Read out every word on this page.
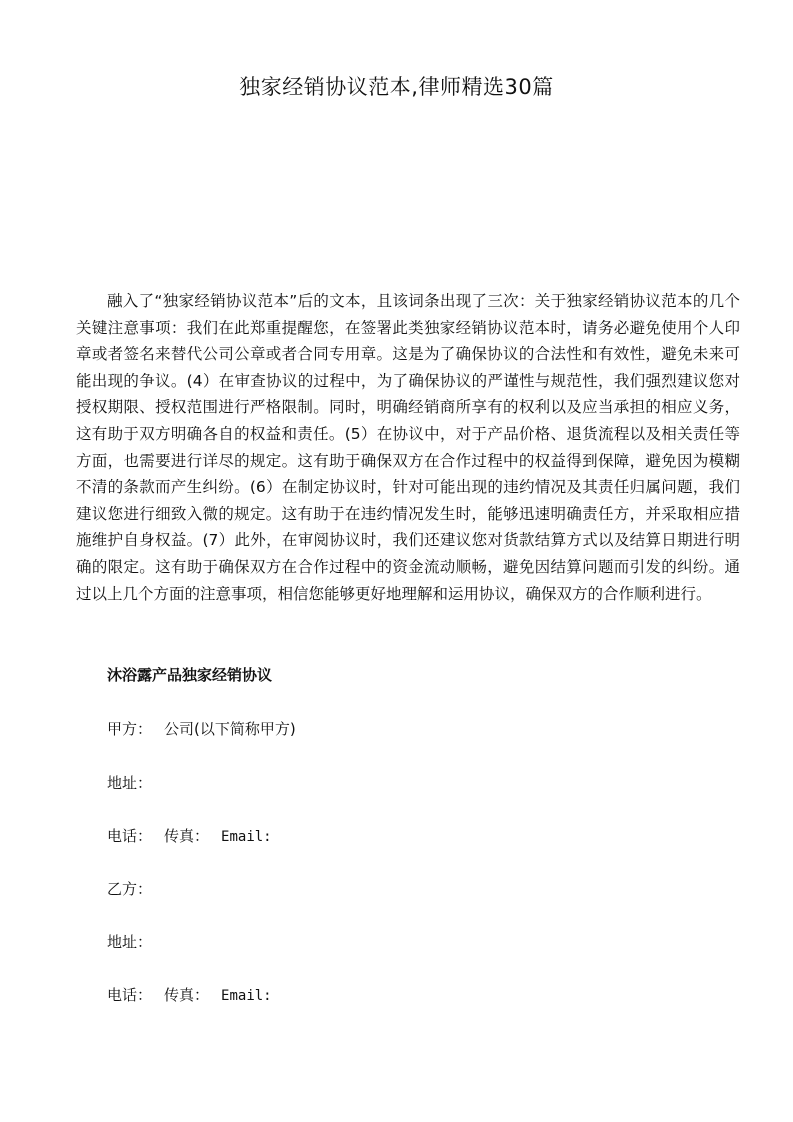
独家经销协议范本,律师精选30篇

融入了“独家经销协议范本”后的文本，且该词条出现了三次：关于独家经销协议范本的几个关键注意事项：我们在此郑重提醒您，在签署此类独家经销协议范本时，请务必避免使用个人印章或者签名来替代公司公章或者合同专用章。这是为了确保协议的合法性和有效性，避免未来可能出现的争议。(4）在审查协议的过程中，为了确保协议的严谨性与规范性，我们强烈建议您对授权期限、授权范围进行严格限制。同时，明确经销商所享有的权利以及应当承担的相应义务，这有助于双方明确各自的权益和责任。(5）在协议中，对于产品价格、退货流程以及相关责任等方面，也需要进行详尽的规定。这有助于确保双方在合作过程中的权益得到保障，避免因为模糊不清的条款而产生纠纷。(6）在制定协议时，针对可能出现的违约情况及其责任归属问题，我们建议您进行细致入微的规定。这有助于在违约情况发生时，能够迅速明确责任方，并采取相应措施维护自身权益。(7）此外，在审阅协议时，我们还建议您对货款结算方式以及结算日期进行明确的限定。这有助于确保双方在合作过程中的资金流动顺畅，避免因结算问题而引发的纠纷。通过以上几个方面的注意事项，相信您能够更好地理解和运用协议，确保双方的合作顺利进行。

沐浴露产品独家经销协议
甲方： 公司(以下简称甲方)
地址：
电话： 传真： Email:
乙方：
地址：
电话： 传真： Email:
